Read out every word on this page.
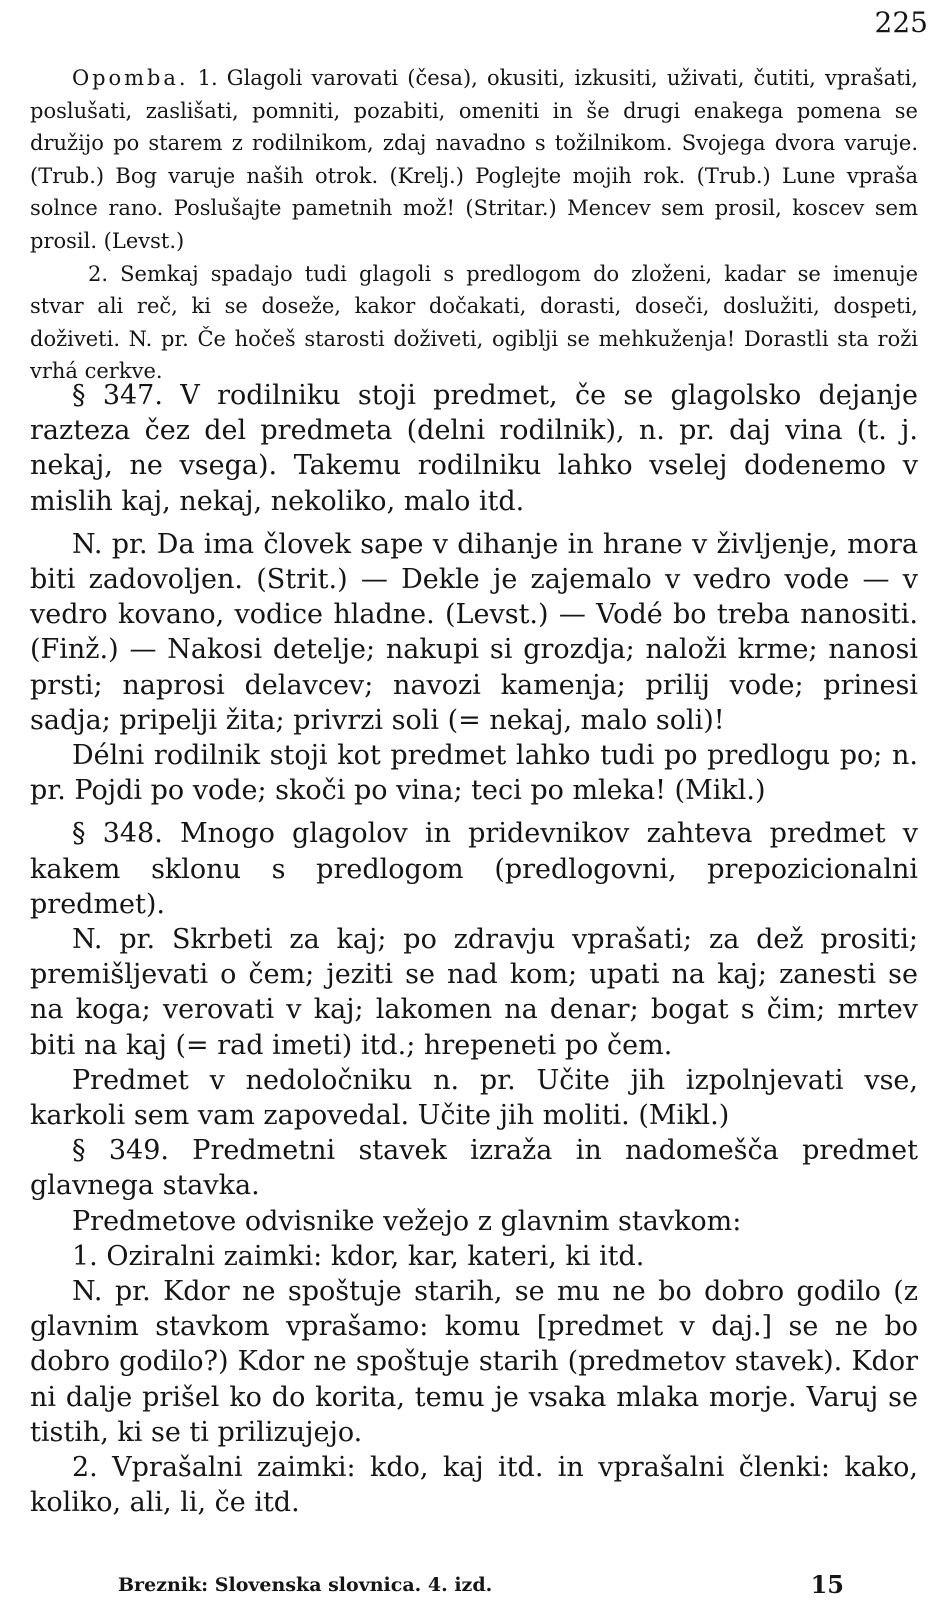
225

Opomba. 1. Glagoli varovati (česa), okusiti, izkusiti, uživati, čutiti, vprašati, poslušati, zaslišati, pomniti, pozabiti, omeniti in še drugi enakega pomena se družijo po starem z rodilnikom, zdaj navadno s tožilnikom. Svojega dvora varuje. (Trub.) Bog varuje naših otrok. (Krelj.) Poglejte mojih rok. (Trub.) Lune vpraša solnce rano. Poslušajte pametnih mož! (Stritar.) Mencev sem prosil, koscev sem prosil. (Levst.)

2. Semkaj spadajo tudi glagoli s predlogom do zloženi, kadar se imenuje stvar ali reč, ki se doseže, kakor dočakati, dorasti, doseči, doslužiti, dospeti, doživeti. N. pr. Če hočeš starosti doživeti, ogiblji se mehkuženja! Dorastli sta roži vrhá cerkve.

§ 347. V rodilniku stoji predmet, če se glagolsko dejanje razteza čez del predmeta (delni rodilnik), n. pr. daj vina (t. j. nekaj, ne vsega). Takemu rodilniku lahko vselej dodenemo v mislih kaj, nekaj, nekoliko, malo itd.

N. pr. Da ima človek sape v dihanje in hrane v življenje, mora biti zadovoljen. (Strit.) — Dekle je zajemalo v vedro vode — v vedro kovano, vodice hladne. (Levst.) — Vodé bo treba nanositi. (Finž.) — Nakosi detelje; nakupi si grozdja; naloži krme; nanosi prsti; naprosi delavcev; navozi kamenja; prilij vode; prinesi sadja; pripelji žita; privrzi soli (= nekaj, malo soli)!

Délni rodilnik stoji kot predmet lahko tudi po predlogu po; n. pr. Pojdi po vode; skoči po vina; teci po mleka! (Mikl.)

§ 348. Mnogo glagolov in pridevnikov zahteva predmet v kakem sklonu s predlogom (predlogovni, prepozicionalni predmet).

N. pr. Skrbeti za kaj; po zdravju vprašati; za dež prositi; premišljevati o čem; jeziti se nad kom; upati na kaj; zanesti se na koga; verovati v kaj; lakomen na denar; bogat s čim; mrtev biti na kaj (= rad imeti) itd.; hrepeneti po čem.

Predmet v nedoločniku n. pr. Učite jih izpolnjevati vse, karkoli sem vam zapovedal. Učite jih moliti. (Mikl.)

§ 349. Predmetni stavek izraža in nadomešča predmet glavnega stavka.

Predmetove odvisnike vežejo z glavnim stavkom:

1. Oziralni zaimki: kdor, kar, kateri, ki itd.

N. pr. Kdor ne spoštuje starih, se mu ne bo dobro godilo (z glavnim stavkom vprašamo: komu [predmet v daj.] se ne bo dobro godilo?) Kdor ne spoštuje starih (predmetov stavek). Kdor ni dalje prišel ko do korita, temu je vsaka mlaka morje. Varuj se tistih, ki se ti prilizujejo.

2. Vprašalni zaimki: kdo, kaj itd. in vprašalni členki: kako, koliko, ali, li, če itd.

Breznik: Slovenska slovnica. 4. izd.	15
